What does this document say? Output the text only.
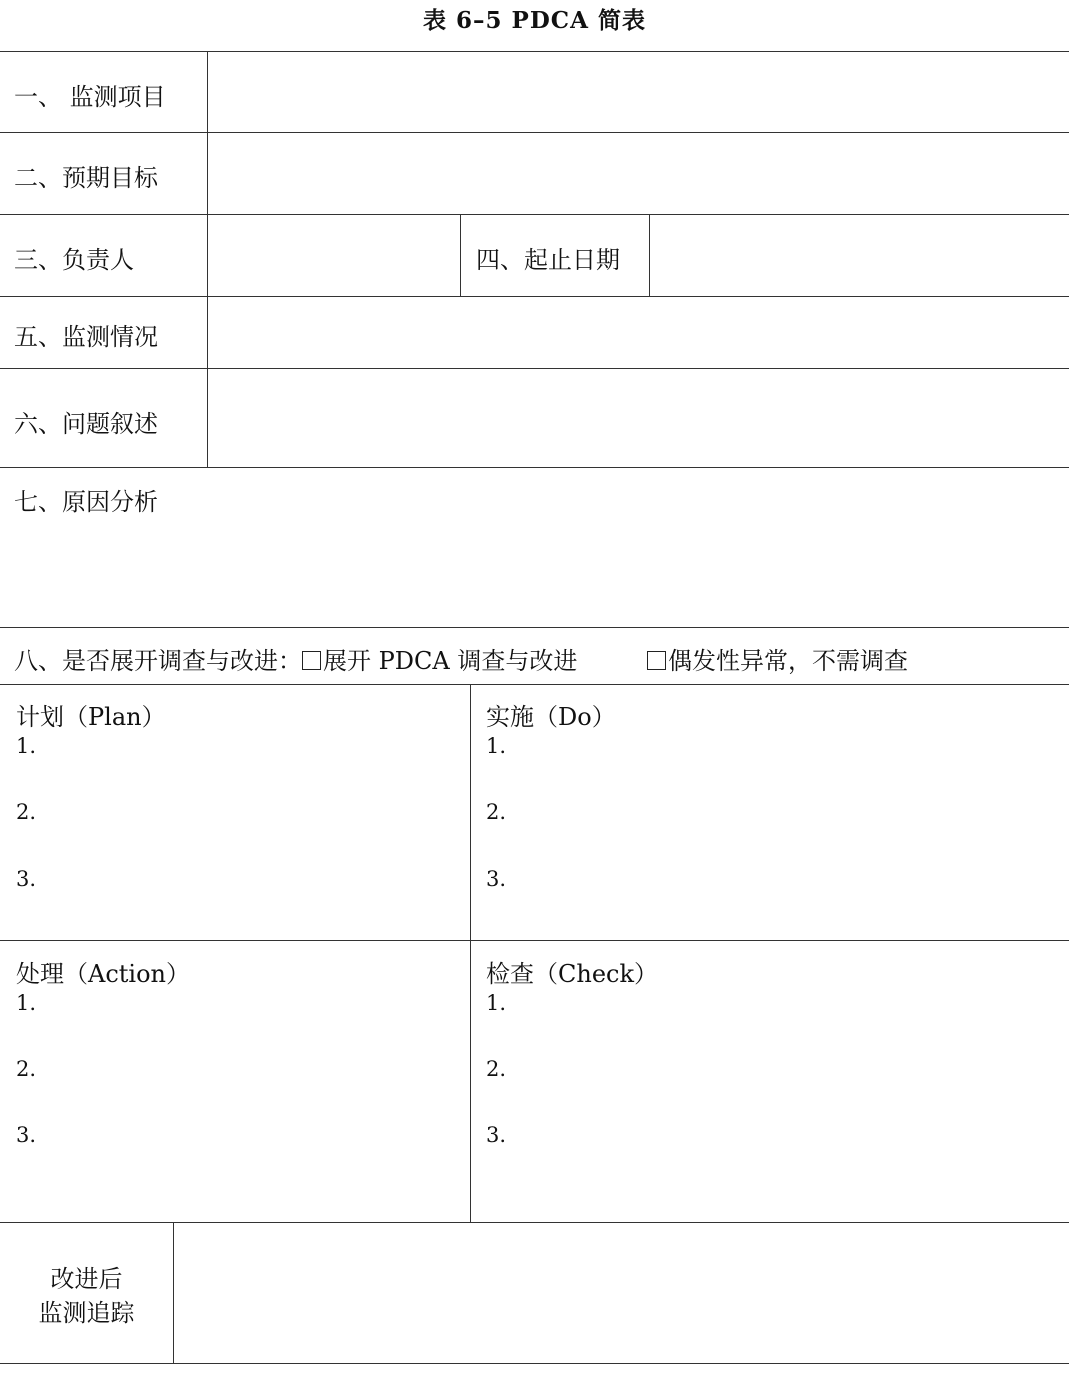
表 6–5 PDCA 简表
一、 监测项目
二、预期目标
三、负责人	四、起止日期
五、监测情况
六、问题叙述
七、原因分析
八、是否展开调查与改进： 展开 PDCA 调查与改进	偶发性异常，不需调查
计划（Plan）
1.
2.
3.
实施（Do）
1.
2.
3.
处理（Action）
1.
2.
3.
检查（Check）
1.
2.
3.
改进后
监测追踪
